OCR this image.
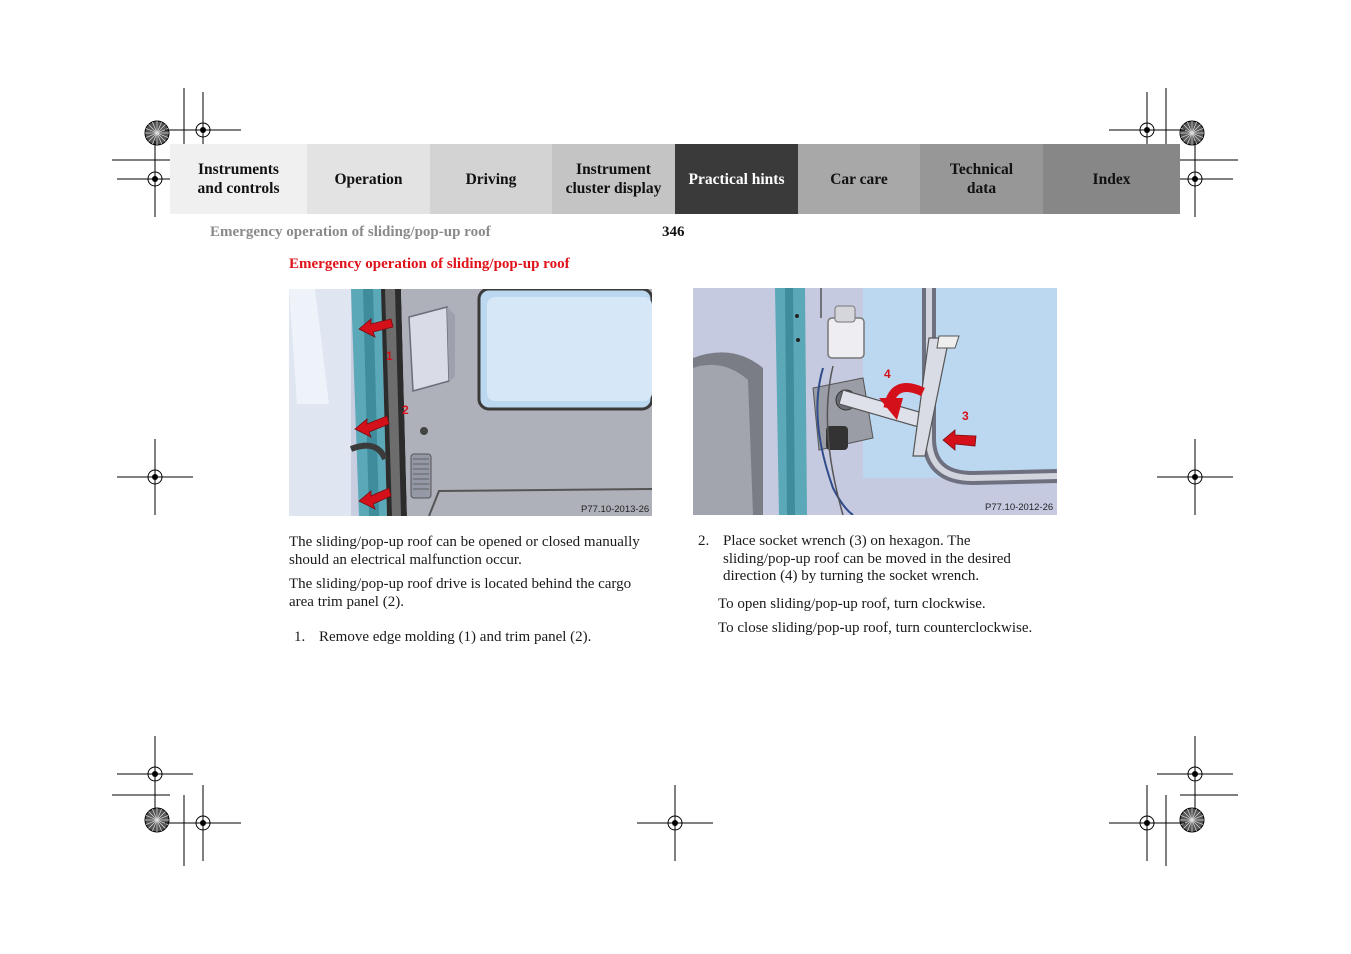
Instruments
and controls
Operation	Driving
Instrument
cluster display
Practical hints	Car care
Technical
data
Index
Emergency operation of sliding/pop-up roof	346
Emergency operation of sliding/pop-up roof
1
2
P77.10-2013-26
4
3
P77.10-2012-26

The sliding/pop-up roof can be opened or closed manually should an electrical malfunction occur.

The sliding/pop-up roof drive is located behind the cargo area trim panel (2).

1. Remove edge molding (1) and trim panel (2).
2. Place socket wrench (3) on hexagon. The sliding/pop-up roof can be moved in the desired direction (4) by turning the socket wrench.

To open sliding/pop-up roof, turn clockwise.

To close sliding/pop-up roof, turn counterclockwise.
